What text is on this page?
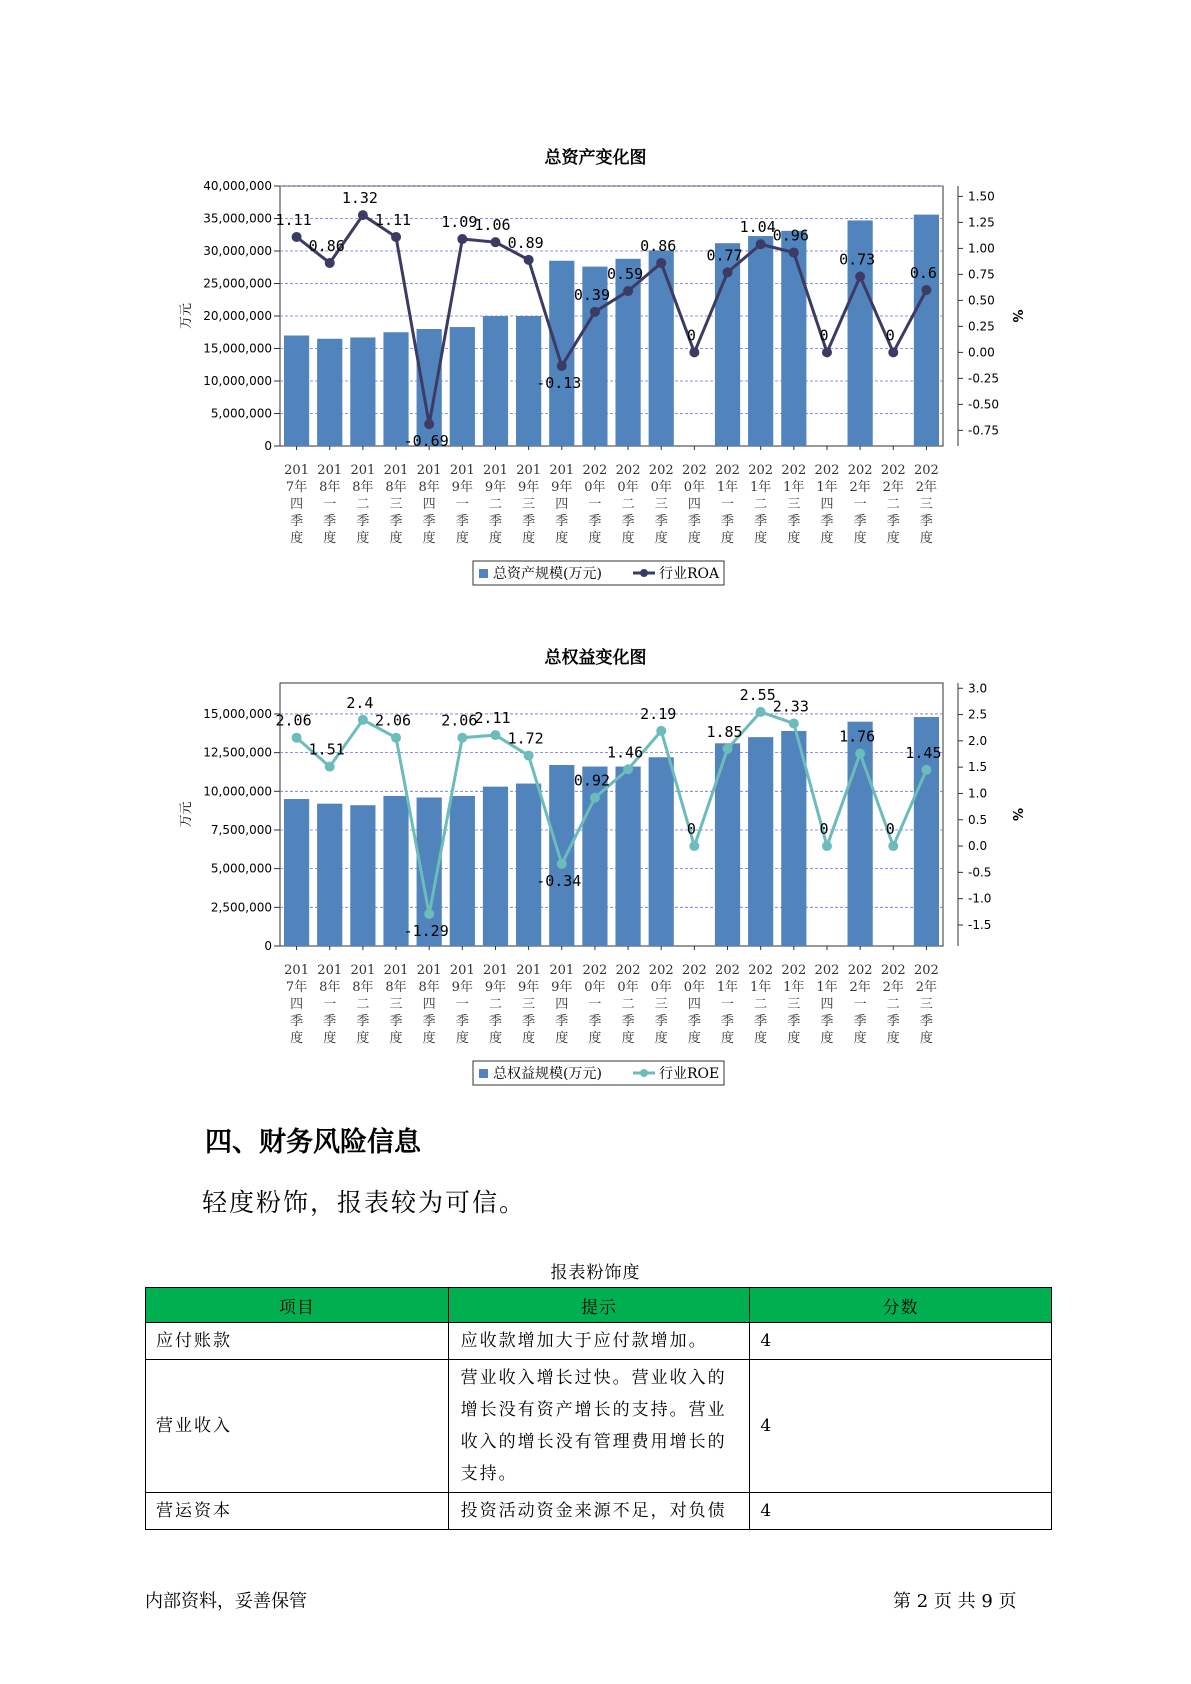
总资产变化图
40,000,000
35,000,000
30,000,000
25,000,000
20,000,000
15,000,000
10,000,000
5,000,000
0
1.50
1.25
1.00
0.75
0.50
0.25
0.00
-0.25
-0.50
-0.75
万元	%
1.11
0.86
1.32
1.11
-0.69
1.09
1.06
0.89
-0.13
0.39
0.59
0.86
0
0.77
1.04
0.96
0
0.73
0
0.6
201 7年四季度
201 8年一季度
201 8年二季度
201 8年三季度
201 8年四季度
201 9年一季度
201 9年二季度
201 9年三季度
201 9年四季度
202 0年一季度
202 0年二季度
202 0年三季度
202 0年四季度
202 1年一季度
202 1年二季度
202 1年三季度
202 1年四季度
202 2年一季度
202 2年二季度
202 2年三季度
总资产规模(万元)	行业ROA
总权益变化图
15,000,000
12,500,000
10,000,000
7,500,000
5,000,000
2,500,000
0
3.0
2.5
2.0
1.5
1.0
0.5
0.0
-0.5
-1.0
-1.5
万元	%
2.06
1.51
2.4
2.06
-1.29
2.06
2.11
1.72
-0.34
0.92
1.46
2.19
0
1.85
2.55
2.33
0
1.76
0
1.45
201 7年四季度
201 8年一季度
201 8年二季度
201 8年三季度
201 8年四季度
201 9年一季度
201 9年二季度
201 9年三季度
201 9年四季度
202 0年一季度
202 0年二季度
202 0年三季度
202 0年四季度
202 1年一季度
202 1年二季度
202 1年三季度
202 1年四季度
202 2年一季度
202 2年二季度
202 2年三季度
总权益规模(万元)	行业ROE
四、财务风险信息

轻度粉饰，报表较为可信。

报表粉饰度
项目	提示	分数
应付账款	应收款增加大于应付款增加。	4
营业收入	营业收入增长过快。营业收入的增长没有资产增长的支持。营业收入的增长没有管理费用增长的支持。	4
营运资本	投资活动资金来源不足，对负债	4
内部资料，妥善保管	第 2 页 共 9 页
